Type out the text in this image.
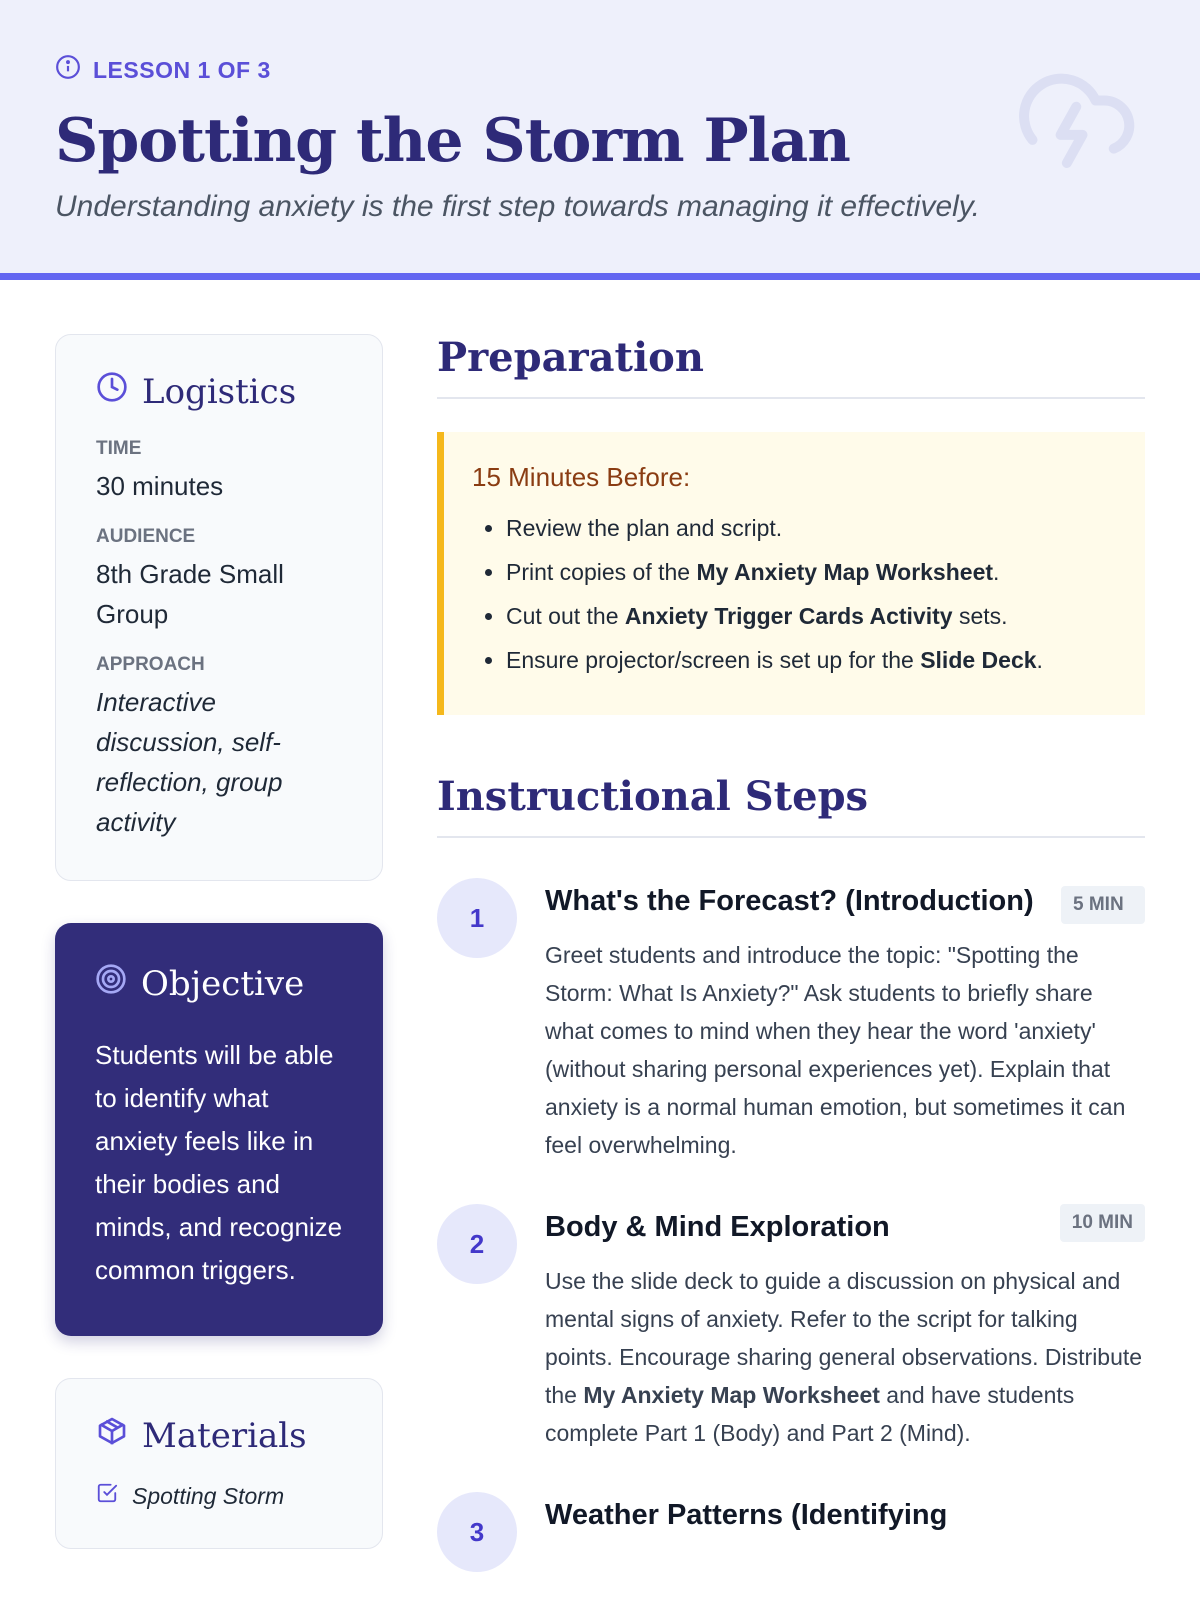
LESSON 1 OF 3
Spotting the Storm Plan
Understanding anxiety is the first step towards managing it effectively.
Logistics
TIME
30 minutes
AUDIENCE
8th Grade Small Group
APPROACH
Interactive discussion, self-reflection, group activity
Objective
Students will be able to identify what anxiety feels like in their bodies and minds, and recognize common triggers.
Materials
Spotting Storm
Preparation
15 Minutes Before:
• Review the plan and script.
• Print copies of the My Anxiety Map Worksheet.
• Cut out the Anxiety Trigger Cards Activity sets.
• Ensure projector/screen is set up for the Slide Deck.
Instructional Steps
1
What's the Forecast? (Introduction)	5 MIN
Greet students and introduce the topic: "Spotting the Storm: What Is Anxiety?" Ask students to briefly share what comes to mind when they hear the word 'anxiety' (without sharing personal experiences yet). Explain that anxiety is a normal human emotion, but sometimes it can feel overwhelming.
2
Body & Mind Exploration	10 MIN
Use the slide deck to guide a discussion on physical and mental signs of anxiety. Refer to the script for talking points. Encourage sharing general observations. Distribute the My Anxiety Map Worksheet and have students complete Part 1 (Body) and Part 2 (Mind).
3
Weather Patterns (Identifying
